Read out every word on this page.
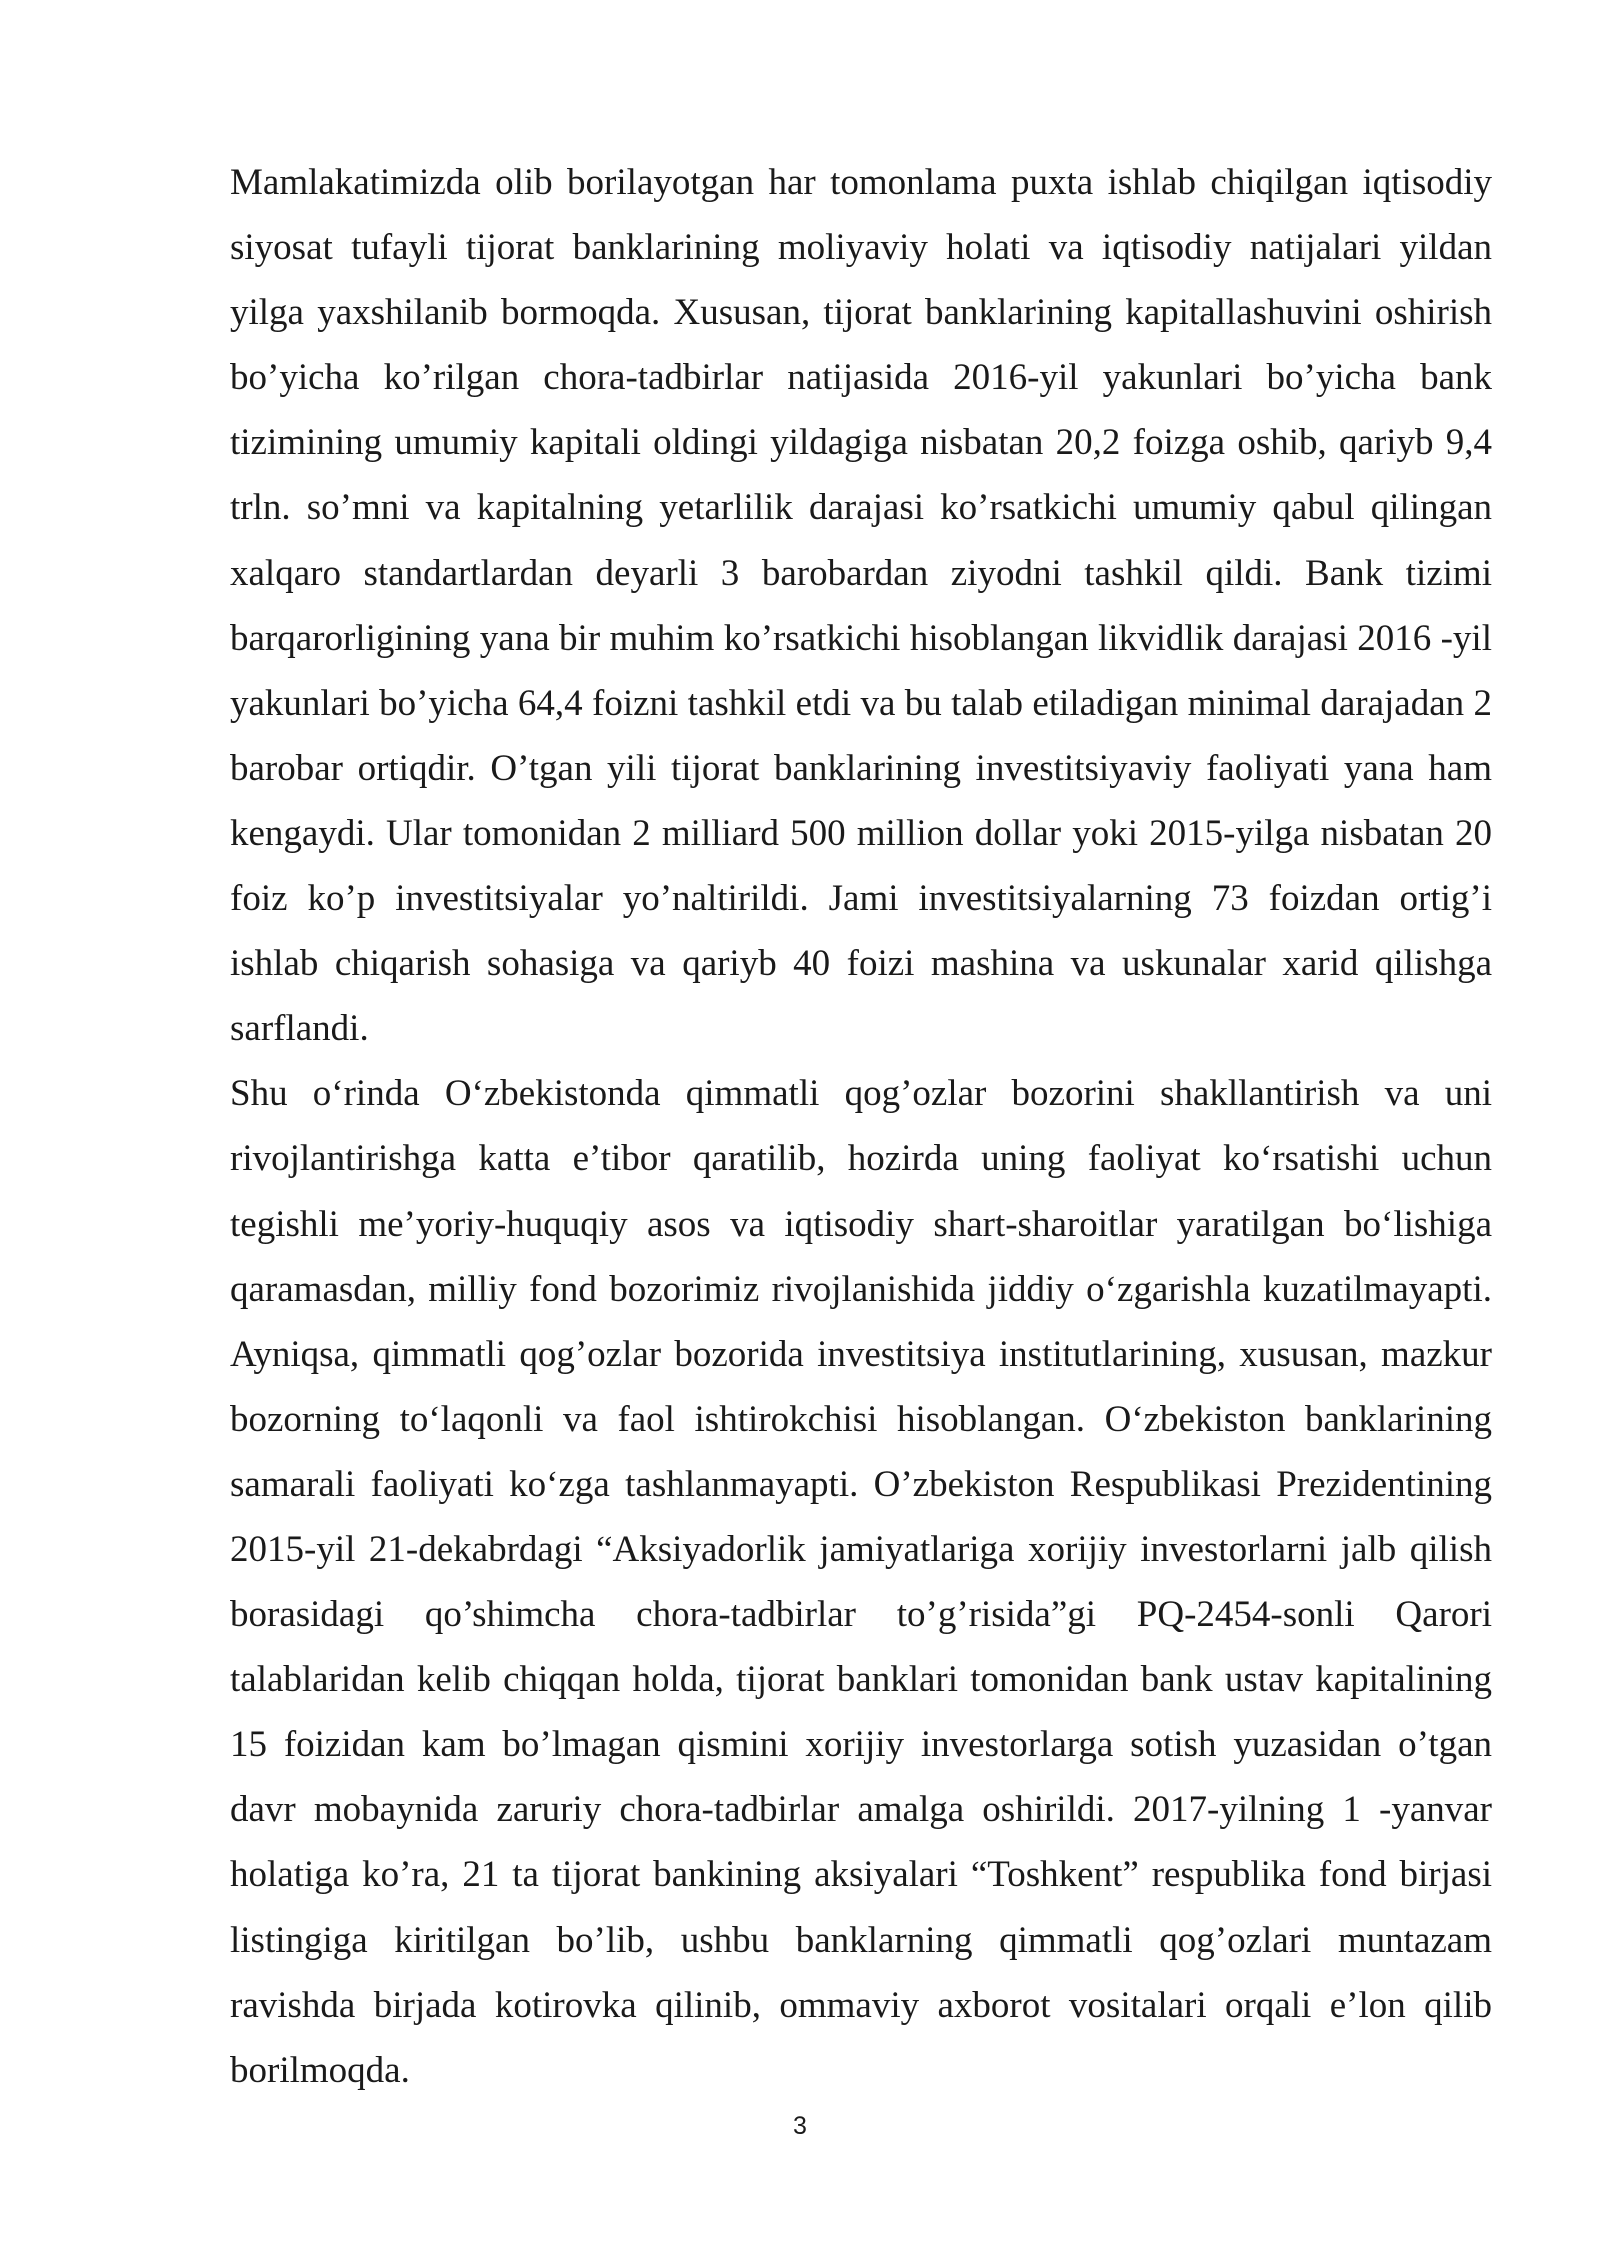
Mamlakatimizda olib borilayotgan har tomonlama puxta ishlab chiqilgan iqtisodiy siyosat tufayli tijorat banklarining moliyaviy holati va iqtisodiy natijalari yildan yilga yaxshilanib bormoqda. Xususan, tijorat banklarining kapitallashuvini oshirish bo’yicha ko’rilgan chora-tadbirlar natijasida 2016-yil yakunlari bo’yicha bank tizimining umumiy kapitali oldingi yildagiga nisbatan 20,2 foizga oshib, qariyb 9,4 trln. so’mni va kapitalning yetarlilik darajasi ko’rsatkichi umumiy qabul qilingan xalqaro standartlardan deyarli 3 barobardan ziyodni tashkil qildi. Bank tizimi barqarorligining yana bir muhim ko’rsatkichi hisoblangan likvidlik darajasi 2016 -yil yakunlari bo’yicha 64,4 foizni tashkil etdi va bu talab etiladigan minimal darajadan 2 barobar ortiqdir. O’tgan yili tijorat banklarining investitsiyaviy faoliyati yana ham kengaydi. Ular tomonidan 2 milliard 500 million dollar yoki 2015-yilga nisbatan 20 foiz ko’p investitsiyalar yo’naltirildi. Jami investitsiyalarning 73 foizdan ortig’i ishlab chiqarish sohasiga va qariyb 40 foizi mashina va uskunalar xarid qilishga sarflandi.

Shu o‘rinda O‘zbekistonda qimmatli qog’ozlar bozorini shakllantirish va uni rivojlantirishga katta e’tibor qaratilib, hozirda uning faoliyat ko‘rsatishi uchun tegishli me’yoriy-huquqiy asos va iqtisodiy shart-sharoitlar yaratilgan bo‘lishiga qaramasdan, milliy fond bozorimiz rivojlanishida jiddiy o‘zgarishla kuzatilmayapti. Ayniqsa, qimmatli qog’ozlar bozorida investitsiya institutlarining, xususan, mazkur bozorning to‘laqonli va faol ishtirokchisi hisoblangan. O‘zbekiston banklarining samarali faoliyati ko‘zga tashlanmayapti. O’zbekiston Respublikasi Prezidentining 2015-yil 21-dekabrdagi “Aksiyadorlik jamiyatlariga xorijiy investorlarni jalb qilish borasidagi qo’shimcha chora-tadbirlar to’g’risida”gi PQ-2454-sonli Qarori talablaridan kelib chiqqan holda, tijorat banklari tomonidan bank ustav kapitalining 15 foizidan kam bo’lmagan qismini xorijiy investorlarga sotish yuzasidan o’tgan davr mobaynida zaruriy chora-tadbirlar amalga oshirildi. 2017-yilning 1 -yanvar holatiga ko’ra, 21 ta tijorat bankining aksiyalari “Toshkent” respublika fond birjasi listingiga kiritilgan bo’lib, ushbu banklarning qimmatli qog’ozlari muntazam ravishda birjada kotirovka qilinib, ommaviy axborot vositalari orqali e’lon qilib borilmoqda.

3
